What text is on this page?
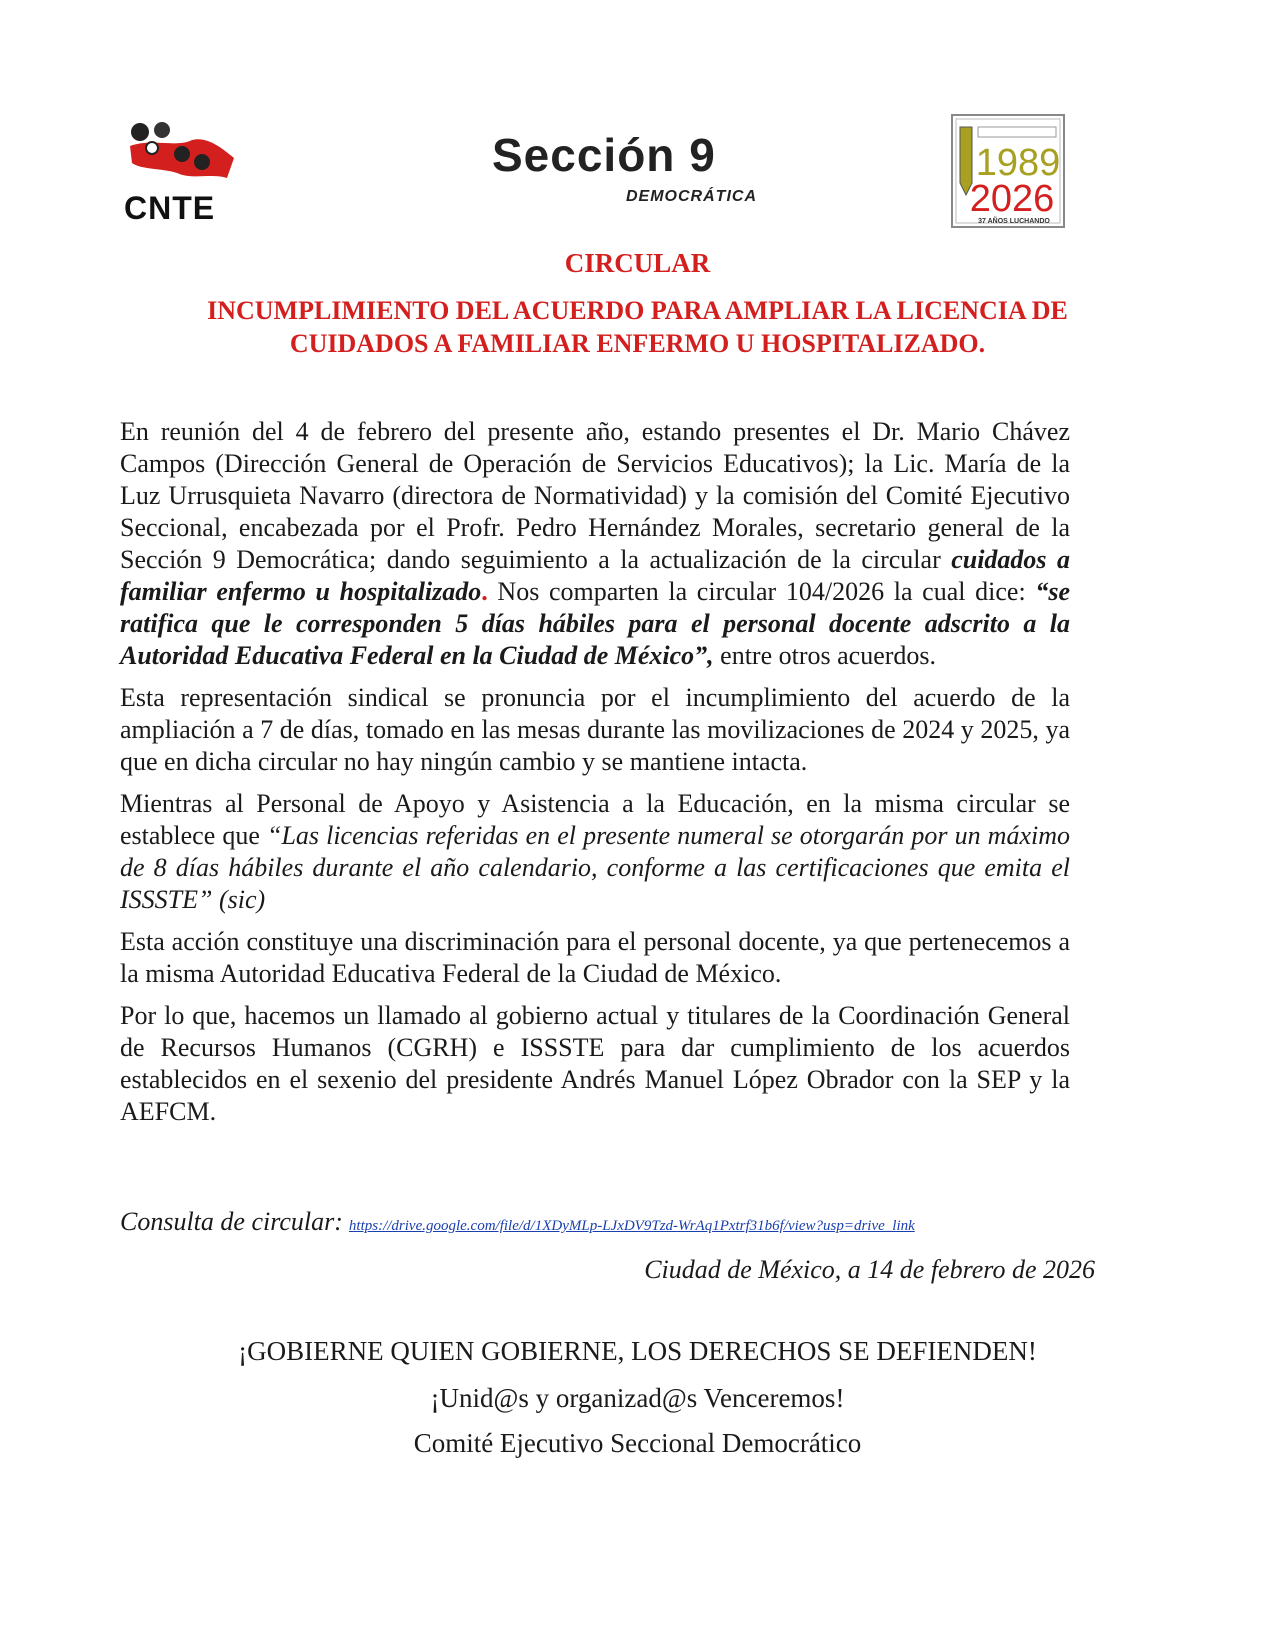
CNTE
Sección 9
DEMOCRÁTICA
1989
2026
37 AÑOS LUCHANDO
CIRCULAR
INCUMPLIMIENTO DEL ACUERDO PARA AMPLIAR LA LICENCIA DE
CUIDADOS A FAMILIAR ENFERMO U HOSPITALIZADO.

En reunión del 4 de febrero del presente año, estando presentes el Dr. Mario Chávez Campos (Dirección General de Operación de Servicios Educativos); la Lic. María de la Luz Urrusquieta Navarro (directora de Normatividad) y la comisión del Comité Ejecutivo Seccional, encabezada por el Profr. Pedro Hernández Morales, secretario general de la Sección 9 Democrática; dando seguimiento a la actualización de la circular cuidados a familiar enfermo u hospitalizado. Nos comparten la circular 104/2026 la cual dice: “se ratifica que le corresponden 5 días hábiles para el personal docente adscrito a la Autoridad Educativa Federal en la Ciudad de México”, entre otros acuerdos.

Esta representación sindical se pronuncia por el incumplimiento del acuerdo de la ampliación a 7 de días, tomado en las mesas durante las movilizaciones de 2024 y 2025, ya que en dicha circular no hay ningún cambio y se mantiene intacta.

Mientras al Personal de Apoyo y Asistencia a la Educación, en la misma circular se establece que “Las licencias referidas en el presente numeral se otorgarán por un máximo de 8 días hábiles durante el año calendario, conforme a las certificaciones que emita el ISSSTE” (sic)

Esta acción constituye una discriminación para el personal docente, ya que pertenecemos a la misma Autoridad Educativa Federal de la Ciudad de México.

Por lo que, hacemos un llamado al gobierno actual y titulares de la Coordinación General de Recursos Humanos (CGRH) e ISSSTE para dar cumplimiento de los acuerdos establecidos en el sexenio del presidente Andrés Manuel López Obrador con la SEP y la AEFCM.

Consulta de circular: https://drive.google.com/file/d/1XDyMLp-LJxDV9Tzd-WrAq1Pxtrf31b6f/view?usp=drive_link
Ciudad de México, a 14 de febrero de 2026
¡GOBIERNE QUIEN GOBIERNE, LOS DERECHOS SE DEFIENDEN!
¡Unid@s y organizad@s Venceremos!
Comité Ejecutivo Seccional Democrático
